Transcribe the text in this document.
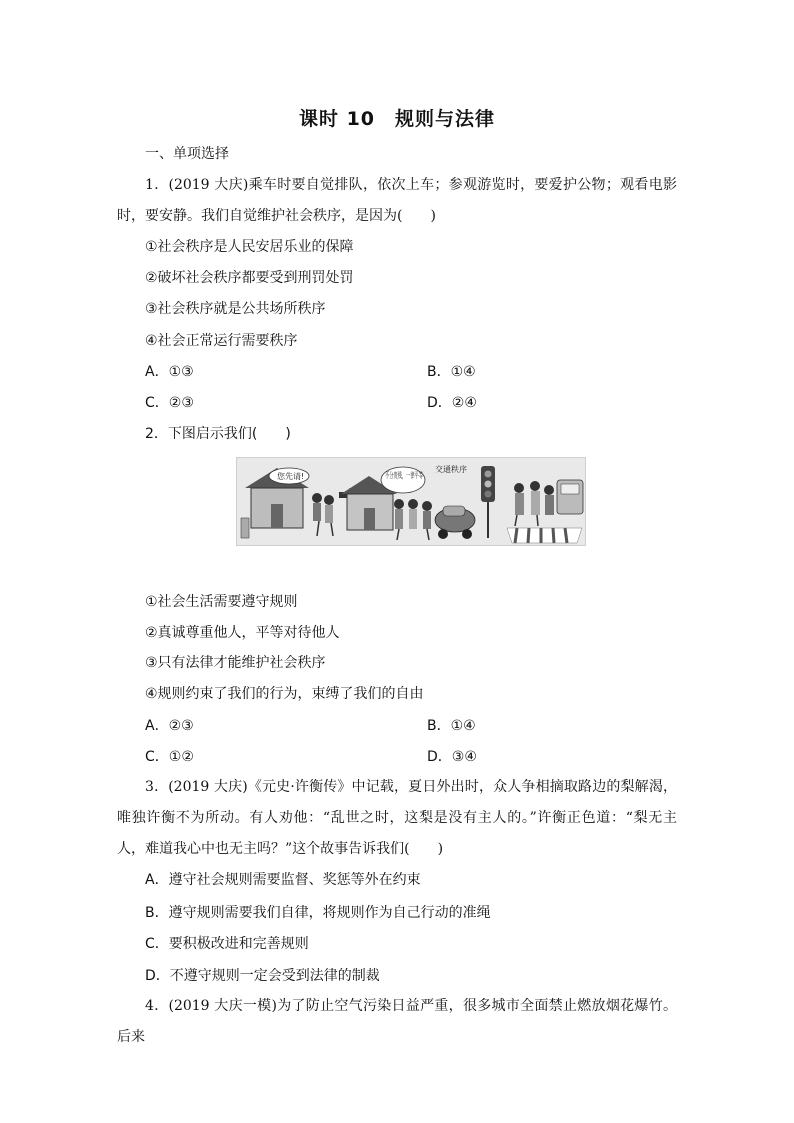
课时 10　规则与法律
一、单项选择
1．(2019 大庆)乘车时要自觉排队，依次上车；参观游览时，要爱护公物；观看电影时，要安静。我们自觉维护社会秩序，是因为(　　)
①社会秩序是人民安居乐业的保障
②破坏社会秩序都要受到刑罚处罚
③社会秩序就是公共场所秩序
④社会正常运行需要秩序
A．①③	B．①④
C．②③	D．②④
2．下图启示我们(　　)
您先请!	不分贵贱，一律平等
交通秩序
①社会生活需要遵守规则
②真诚尊重他人，平等对待他人
③只有法律才能维护社会秩序
④规则约束了我们的行为，束缚了我们的自由
A．②③	B．①④
C．①②	D．③④
3．(2019 大庆)《元史·许衡传》中记载，夏日外出时，众人争相摘取路边的梨解渴，唯独许衡不为所动。有人劝他：“乱世之时，这梨是没有主人的。”许衡正色道：“梨无主人，难道我心中也无主吗？”这个故事告诉我们(　　)
A．遵守社会规则需要监督、奖惩等外在约束
B．遵守规则需要我们自律，将规则作为自己行动的准绳
C．要积极改进和完善规则
D．不遵守规则一定会受到法律的制裁
4．(2019 大庆一模)为了防止空气污染日益严重，很多城市全面禁止燃放烟花爆竹。后来
